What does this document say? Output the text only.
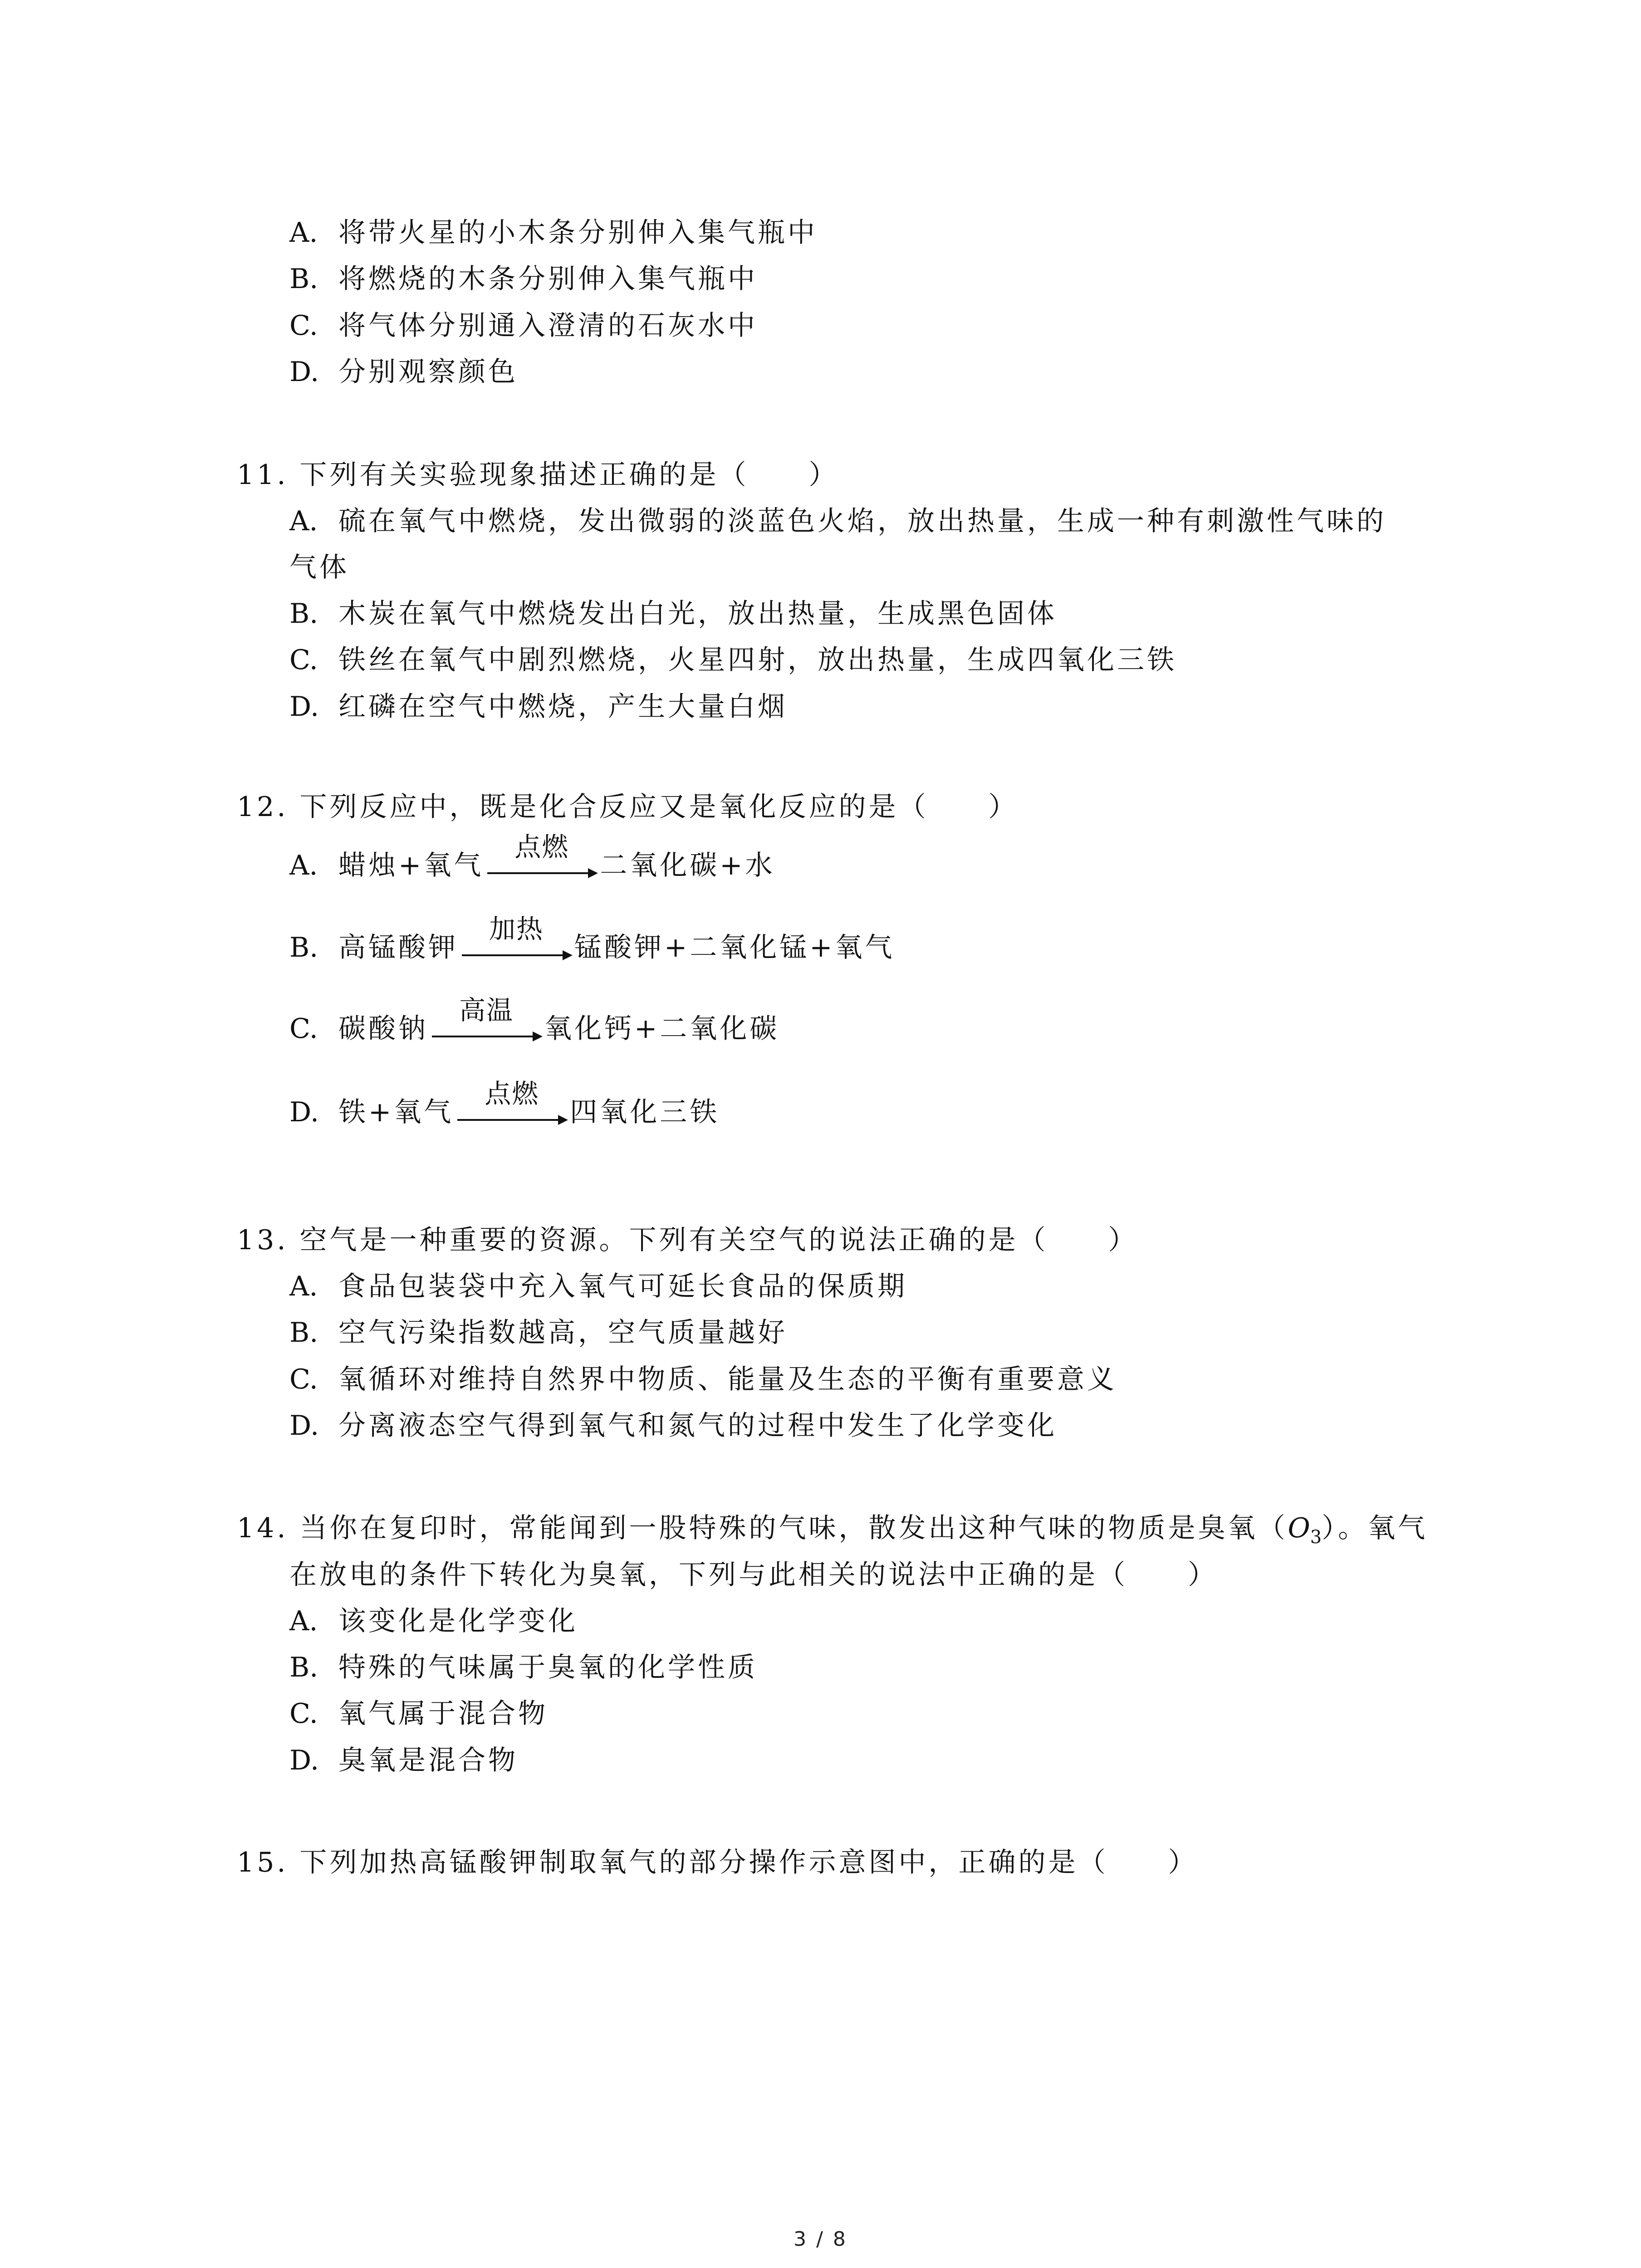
A. 将带火星的小木条分别伸入集气瓶中
B. 将燃烧的木条分别伸入集气瓶中
C. 将气体分别通入澄清的石灰水中
D. 分别观察颜色
11. 下列有关实验现象描述正确的是（　　）
A. 硫在氧气中燃烧，发出微弱的淡蓝色火焰，放出热量，生成一种有刺激性气味的
气体
B. 木炭在氧气中燃烧发出白光，放出热量，生成黑色固体
C. 铁丝在氧气中剧烈燃烧，火星四射，放出热量，生成四氧化三铁
D. 红磷在空气中燃烧，产生大量白烟
12. 下列反应中，既是化合反应又是氧化反应的是（　　）
A. 蜡烛+氧气
点燃
二氧化碳+水
B. 高锰酸钾
加热
锰酸钾+二氧化锰+氧气
C. 碳酸钠
高温
氧化钙+二氧化碳
D. 铁+氧气
点燃
四氧化三铁
13. 空气是一种重要的资源。下列有关空气的说法正确的是（　　）
A. 食品包装袋中充入氧气可延长食品的保质期
B. 空气污染指数越高，空气质量越好
C. 氧循环对维持自然界中物质、能量及生态的平衡有重要意义
D. 分离液态空气得到氧气和氮气的过程中发生了化学变化
14. 当你在复印时，常能闻到一股特殊的气味，散发出这种气味的物质是臭氧$(O_3)$。氧气
在放电的条件下转化为臭氧，下列与此相关的说法中正确的是（　　）
A. 该变化是化学变化
B. 特殊的气味属于臭氧的化学性质
C. 氧气属于混合物
D. 臭氧是混合物
15. 下列加热高锰酸钾制取氧气的部分操作示意图中，正确的是（　　）
3 / 8
